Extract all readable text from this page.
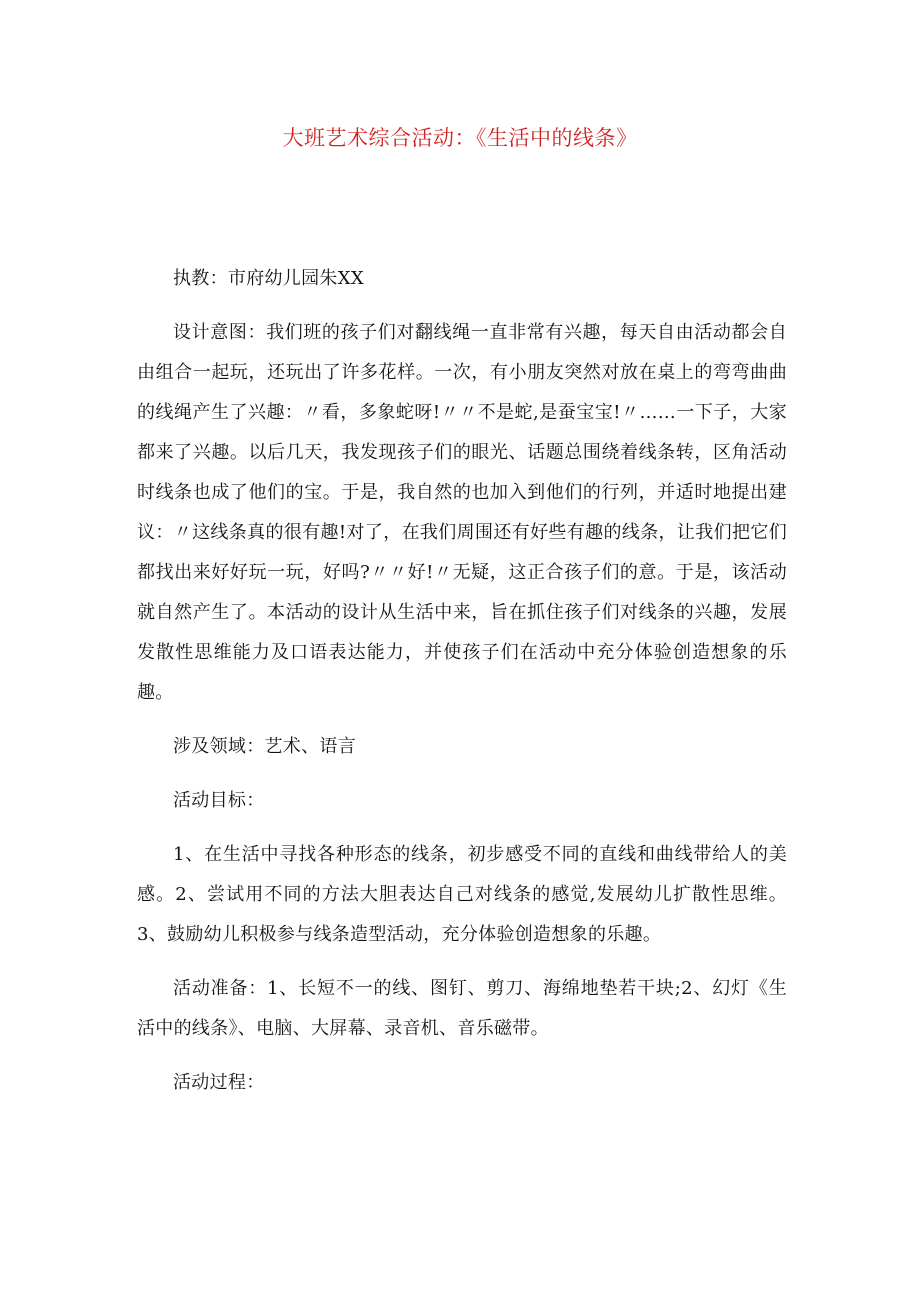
大班艺术综合活动：《生活中的线条》

执教：市府幼儿园朱XX

设计意图：我们班的孩子们对翻线绳一直非常有兴趣，每天自由活动都会自由组合一起玩，还玩出了许多花样。一次，有小朋友突然对放在桌上的弯弯曲曲的线绳产生了兴趣：〃看，多象蛇呀!〃〃不是蛇,是蚕宝宝!〃……一下子，大家都来了兴趣。以后几天，我发现孩子们的眼光、话题总围绕着线条转，区角活动时线条也成了他们的宝。于是，我自然的也加入到他们的行列，并适时地提出建议：〃这线条真的很有趣!对了，在我们周围还有好些有趣的线条，让我们把它们都找出来好好玩一玩，好吗?〃〃好!〃无疑，这正合孩子们的意。于是，该活动就自然产生了。本活动的设计从生活中来，旨在抓住孩子们对线条的兴趣，发展发散性思维能力及口语表达能力，并使孩子们在活动中充分体验创造想象的乐趣。

涉及领域：艺术、语言

活动目标：

1、在生活中寻找各种形态的线条，初步感受不同的直线和曲线带给人的美感。2、尝试用不同的方法大胆表达自己对线条的感觉,发展幼儿扩散性思维。3、鼓励幼儿积极参与线条造型活动，充分体验创造想象的乐趣。

活动准备：1、长短不一的线、图钉、剪刀、海绵地垫若干块;2、幻灯《生活中的线条》、电脑、大屏幕、录音机、音乐磁带。

活动过程：
